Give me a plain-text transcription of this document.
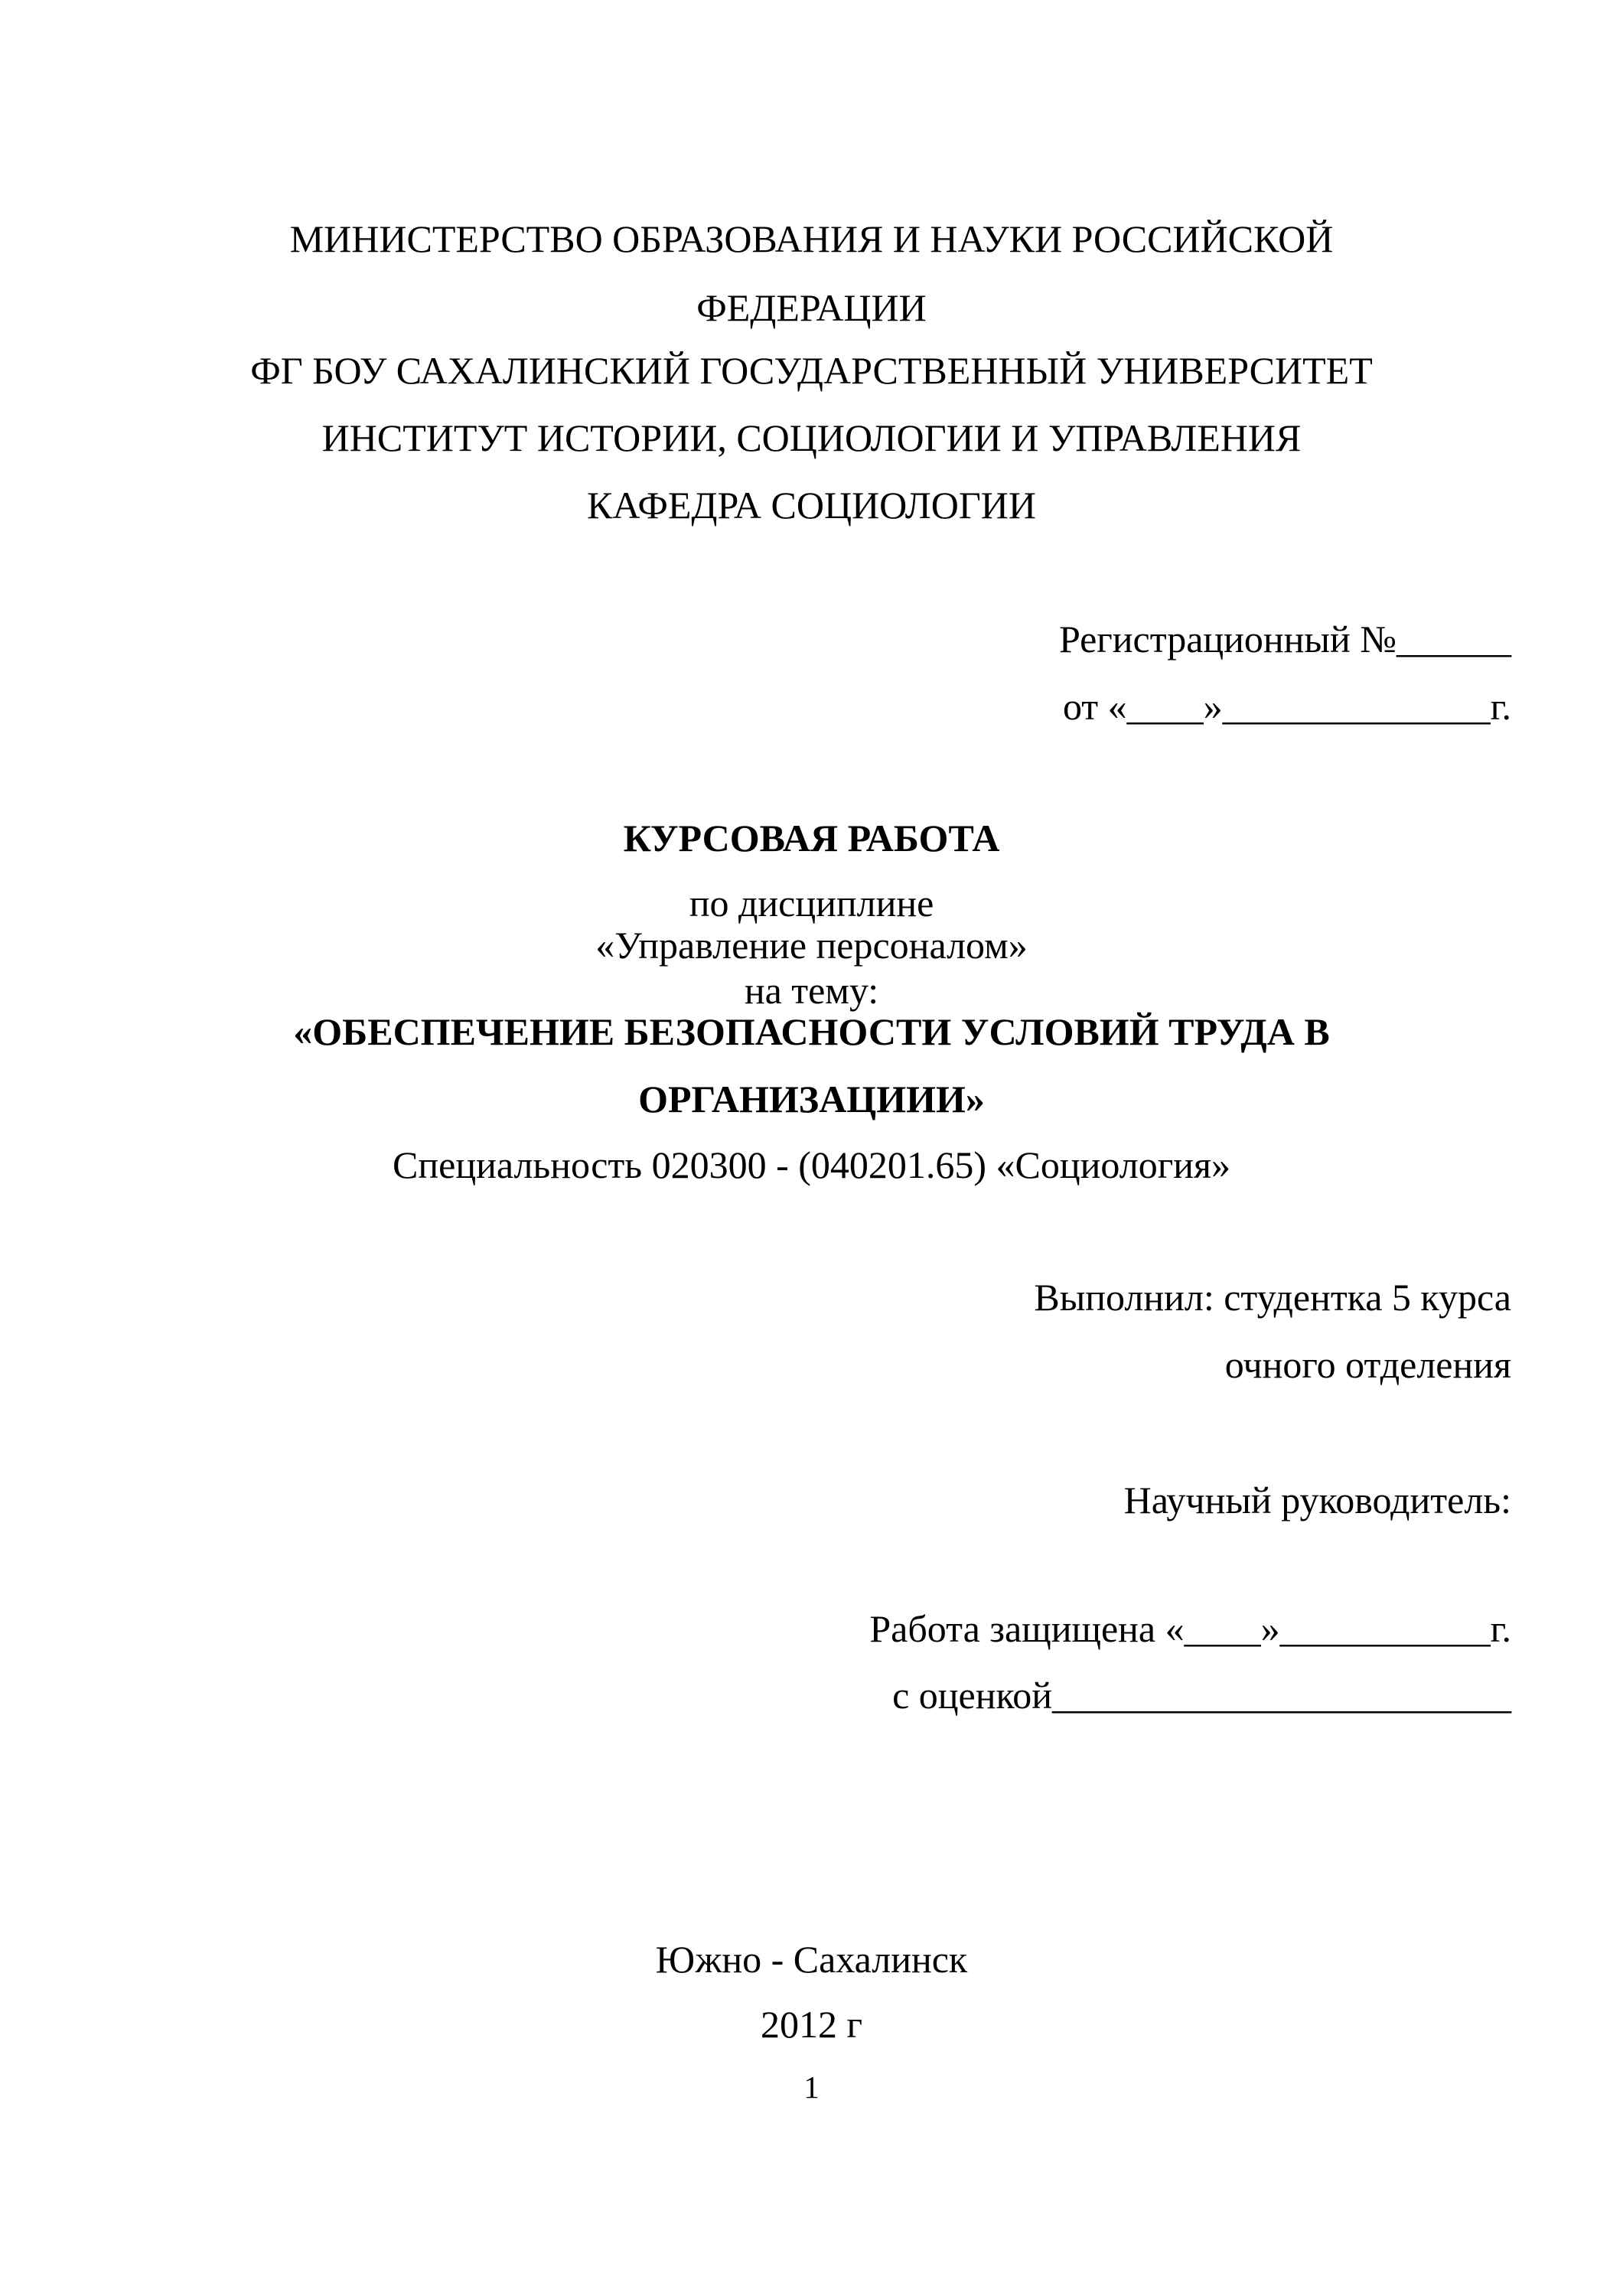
МИНИСТЕРСТВО ОБРАЗОВАНИЯ И НАУКИ РОССИЙСКОЙ
ФЕДЕРАЦИИ
ФГ БОУ САХАЛИНСКИЙ ГОСУДАРСТВЕННЫЙ УНИВЕРСИТЕТ
ИНСТИТУТ ИСТОРИИ, СОЦИОЛОГИИ И УПРАВЛЕНИЯ
КАФЕДРА СОЦИОЛОГИИ
Регистрационный №______
от «____»______________г.
КУРСОВАЯ РАБОТА
по дисциплине
«Управление персоналом»
на тему:
«ОБЕСПЕЧЕНИЕ БЕЗОПАСНОСТИ УСЛОВИЙ ТРУДА В
ОРГАНИЗАЦИИИ»
Специальность 020300 - (040201.65) «Социология»
Выполнил: студентка 5 курса
очного отделения
Научный руководитель:
Работа защищена «____»___________г.
с оценкой________________________
Южно - Сахалинск
2012 г
1
